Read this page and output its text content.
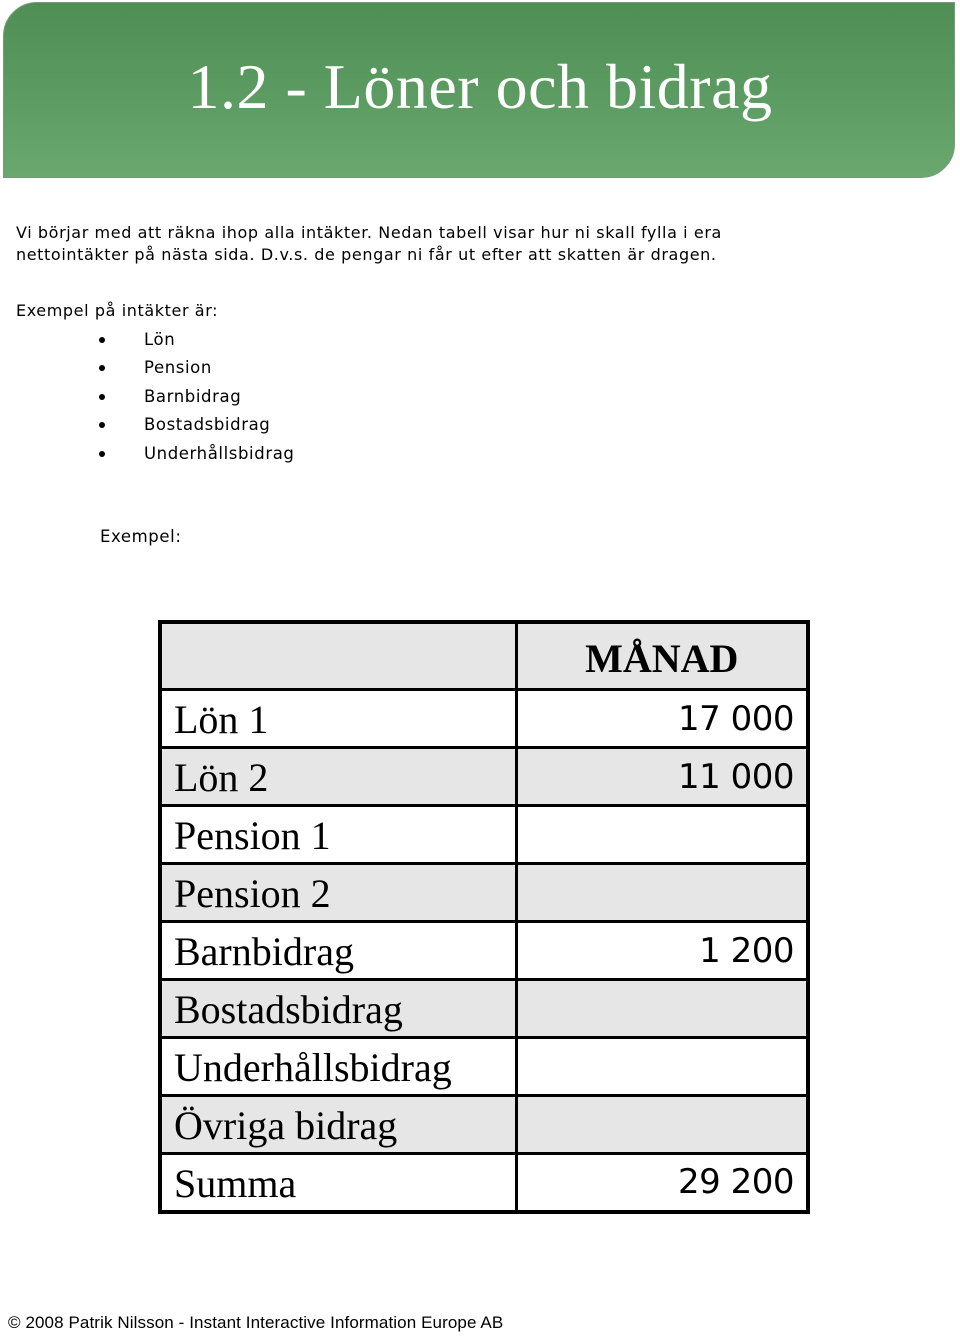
1.2 - Löner och bidrag

Vi börjar med att räkna ihop alla intäkter. Nedan tabell visar hur ni skall fylla i era

nettointäkter på nästa sida. D.v.s. de pengar ni får ut efter att skatten är dragen.

Exempel på intäkter är:
Lön
Pension
Barnbidrag
Bostadsbidrag
Underhållsbidrag
Exempel:
	MÅNAD
Lön 1	17 000
Lön 2	11 000
Pension 1	
Pension 2	
Barnbidrag	1 200
Bostadsbidrag	
Underhållsbidrag	
Övriga bidrag	
Summa	29 200
© 2008 Patrik Nilsson - Instant Interactive Information Europe AB
